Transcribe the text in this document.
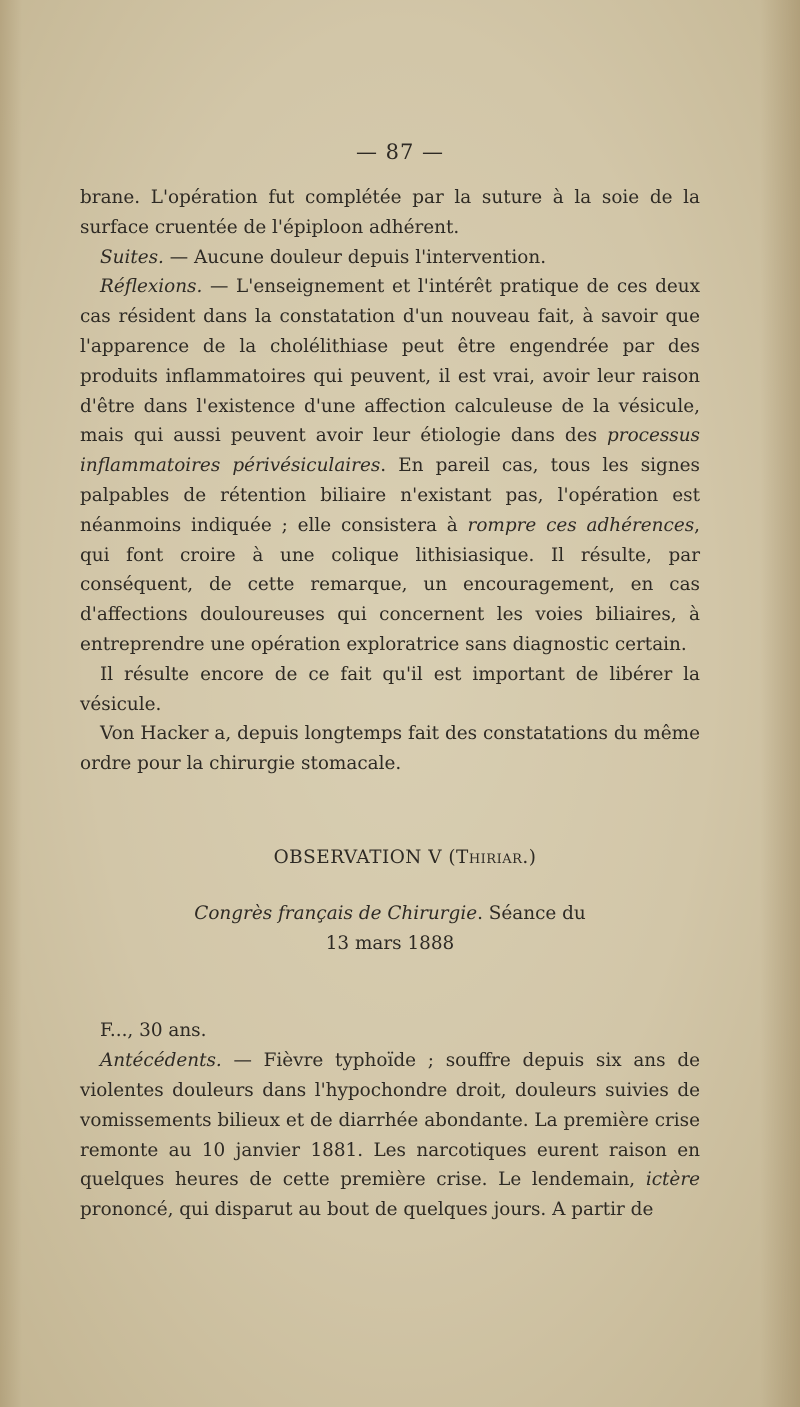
— 87 —

brane. L'opération fut complétée par la suture à la soie de la surface cruentée de l'épiploon adhérent.

Suites. — Aucune douleur depuis l'intervention.

Réflexions. — L'enseignement et l'intérêt pratique de ces deux cas résident dans la constatation d'un nouveau fait, à savoir que l'apparence de la cholélithiase peut être engendrée par des produits inflammatoires qui peuvent, il est vrai, avoir leur raison d'être dans l'existence d'une affection calculeuse de la vésicule, mais qui aussi peuvent avoir leur étiologie dans des processus inflammatoires périvésiculaires. En pareil cas, tous les signes palpables de rétention biliaire n'existant pas, l'opération est néanmoins indiquée ; elle consistera à rompre ces adhérences, qui font croire à une colique lithisiasique. Il résulte, par conséquent, de cette remarque, un encouragement, en cas d'affections douloureuses qui concernent les voies biliaires, à entreprendre une opération exploratrice sans diagnostic certain.

Il résulte encore de ce fait qu'il est important de libérer la vésicule.

Von Hacker a, depuis longtemps fait des constatations du même ordre pour la chirurgie stomacale.

OBSERVATION V (Thiriar.)

Congrès français de Chirurgie. Séance du

13 mars 1888

F..., 30 ans.

Antécédents. — Fièvre typhoïde ; souffre depuis six ans de violentes douleurs dans l'hypochondre droit, douleurs suivies de vomissements bilieux et de diarrhée abondante. La première crise remonte au 10 janvier 1881. Les narcotiques eurent raison en quelques heures de cette première crise. Le lendemain, ictère prononcé, qui disparut au bout de quelques jours. A partir de
